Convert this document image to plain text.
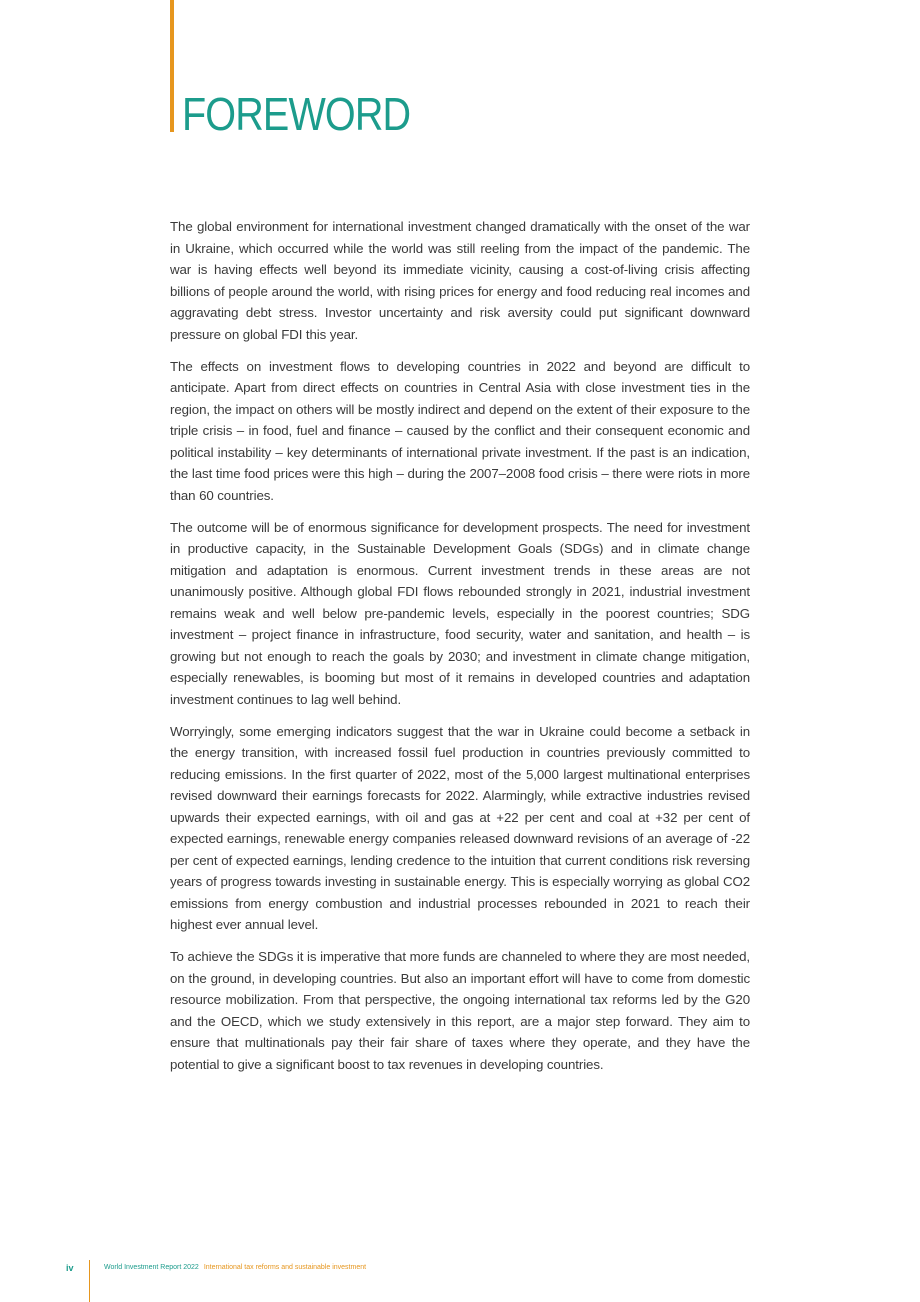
FOREWORD

The global environment for international investment changed dramatically with the onset of the war in Ukraine, which occurred while the world was still reeling from the impact of the pandemic. The war is having effects well beyond its immediate vicinity, causing a cost-of-living crisis affecting billions of people around the world, with rising prices for energy and food reducing real incomes and aggravating debt stress. Investor uncertainty and risk aversity could put significant downward pressure on global FDI this year.

The effects on investment flows to developing countries in 2022 and beyond are difficult to anticipate. Apart from direct effects on countries in Central Asia with close investment ties in the region, the impact on others will be mostly indirect and depend on the extent of their exposure to the triple crisis – in food, fuel and finance – caused by the conflict and their consequent economic and political instability – key determinants of international private investment. If the past is an indication, the last time food prices were this high – during the 2007–2008 food crisis – there were riots in more than 60 countries.

The outcome will be of enormous significance for development prospects. The need for investment in productive capacity, in the Sustainable Development Goals (SDGs) and in climate change mitigation and adaptation is enormous. Current investment trends in these areas are not unanimously positive. Although global FDI flows rebounded strongly in 2021, industrial investment remains weak and well below pre-pandemic levels, especially in the poorest countries; SDG investment – project finance in infrastructure, food security, water and sanitation, and health – is growing but not enough to reach the goals by 2030; and investment in climate change mitigation, especially renewables, is booming but most of it remains in developed countries and adaptation investment continues to lag well behind.

Worryingly, some emerging indicators suggest that the war in Ukraine could become a setback in the energy transition, with increased fossil fuel production in countries previously committed to reducing emissions. In the first quarter of 2022, most of the 5,000 largest multinational enterprises revised downward their earnings forecasts for 2022. Alarmingly, while extractive industries revised upwards their expected earnings, with oil and gas at +22 per cent and coal at +32 per cent of expected earnings, renewable energy companies released downward revisions of an average of -22 per cent of expected earnings, lending credence to the intuition that current conditions risk reversing years of progress towards investing in sustainable energy. This is especially worrying as global CO2 emissions from energy combustion and industrial processes rebounded in 2021 to reach their highest ever annual level.

To achieve the SDGs it is imperative that more funds are channeled to where they are most needed, on the ground, in developing countries. But also an important effort will have to come from domestic resource mobilization. From that perspective, the ongoing international tax reforms led by the G20 and the OECD, which we study extensively in this report, are a major step forward. They aim to ensure that multinationals pay their fair share of taxes where they operate, and they have the potential to give a significant boost to tax revenues in developing countries.

iv	World Investment Report 2022 International tax reforms and sustainable investment
